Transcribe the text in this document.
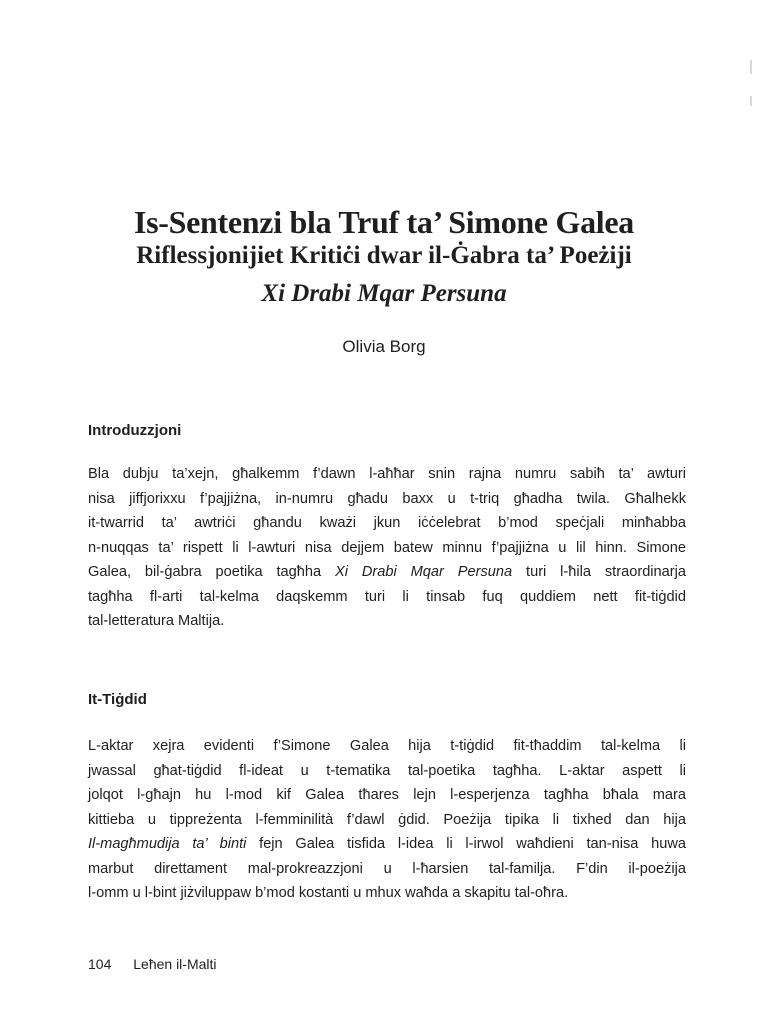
Is-Sentenzi bla Truf ta’ Simone Galea
Riflessjonijiet Kritiċi dwar il-Ġabra ta’ Poeżiji
Xi Drabi Mqar Persuna
Olivia Borg
Introduzzjoni
Bla dubju ta’xejn, għalkemm f’dawn l-aħħar snin rajna numru sabiħ ta’ awturi
nisa jiffjorixxu f’pajjiżna, in-numru għadu baxx u t-triq għadha twila. Għalhekk
it-twarrid ta’ awtriċi għandu kważi jkun iċċelebrat b’mod speċjali minħabba
n-nuqqas ta’ rispett li l-awturi nisa dejjem batew minnu f’pajjiżna u lil hinn. Simone
Galea, bil-ġabra poetika tagħha Xi Drabi Mqar Persuna turi l-ħila straordinarja
tagħha fl-arti tal-kelma daqskemm turi li tinsab fuq quddiem nett fit-tiġdid
tal-letteratura Maltija.
It-Tiġdid
L-aktar xejra evidenti f’Simone Galea hija t-tiġdid fit-tħaddim tal-kelma li
jwassal għat-tiġdid fl-ideat u t-tematika tal-poetika tagħha. L-aktar aspett li
jolqot l-għajn hu l-mod kif Galea tħares lejn l-esperjenza tagħha bħala mara
kittieba u tippreżenta l-femminilità f’dawl ġdid. Poeżija tipika li tixhed dan hija
Il-magħmudija ta’ binti fejn Galea tisfida l-idea li l-irwol waħdieni tan-nisa huwa
marbut direttament mal-prokreazzjoni u l-ħarsien tal-familja. F’din il-poeżija
l-omm u l-bint jiżviluppaw b’mod kostanti u mhux waħda a skapitu tal-oħra.
104 Leħen il-Malti
